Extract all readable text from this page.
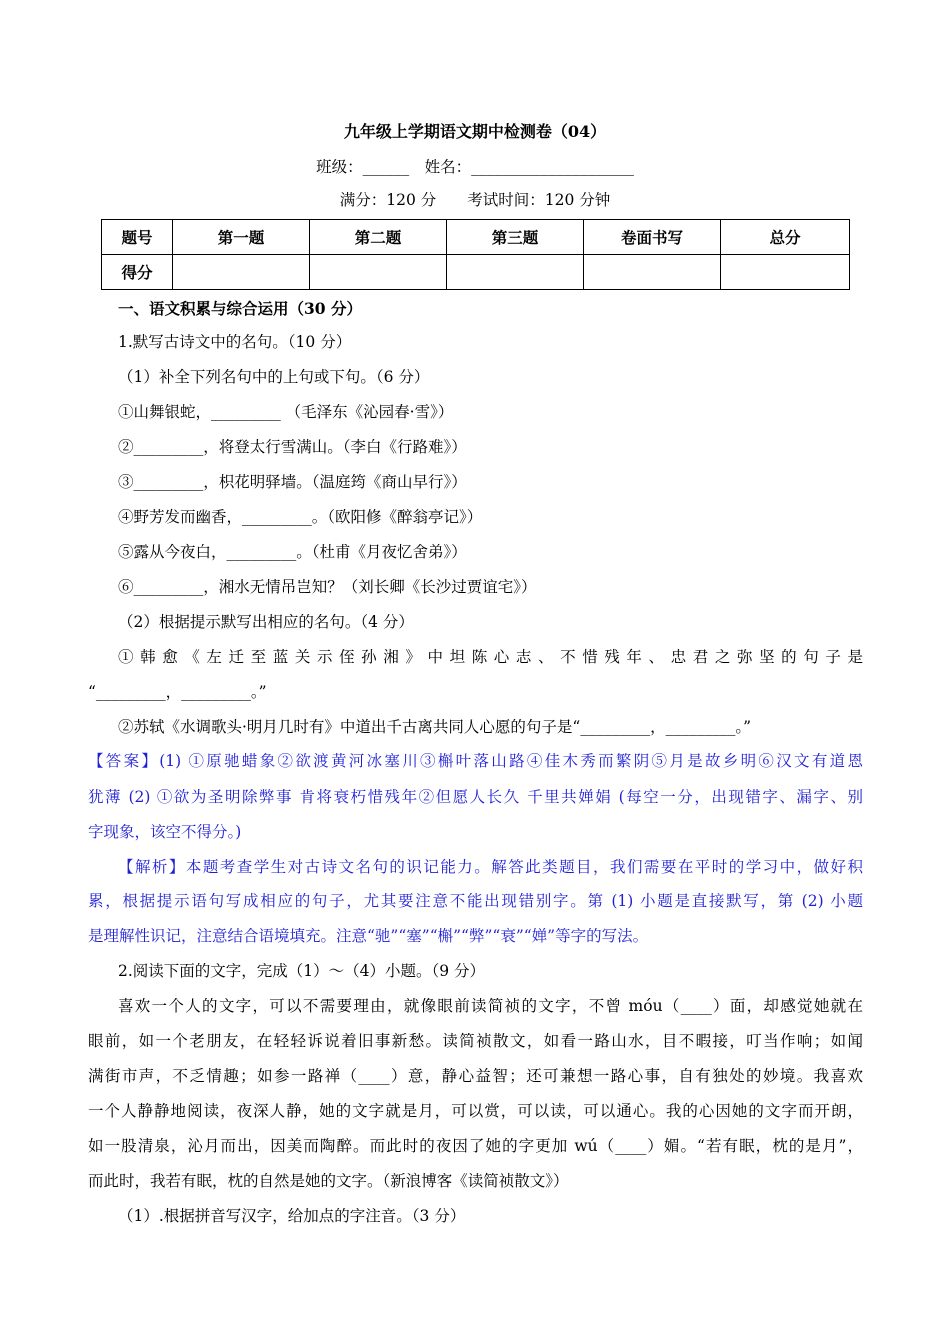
九年级上学期语文期中检测卷（04）
班级：______　姓名：_____________________
满分：120 分　　考试时间：120 分钟
题号	第一题	第二题	第三题	卷面书写	总分
得分					
一、语文积累与综合运用（30 分）
1.默写古诗文中的名句。（10 分）
（1）补全下列名句中的上句或下句。（6 分）
①山舞银蛇，_________ （毛泽东《沁园春·雪》）
②_________，将登太行雪满山。（李白《行路难》）
③_________，枳花明驿墙。（温庭筠《商山早行》）
④野芳发而幽香，_________。（欧阳修《醉翁亭记》）
⑤露从今夜白，_________。（杜甫《月夜忆舍弟》）
⑥_________，湘水无情吊岂知？（刘长卿《长沙过贾谊宅》）
（2）根据提示默写出相应的名句。（4 分）
①韩愈《左迁至蓝关示侄孙湘》中坦陈心志、不惜残年、忠君之弥坚的句子是
“_________，_________。”
②苏轼《水调歌头·明月几时有》中道出千古离共同人心愿的句子是“_________，_________。”
【答案】(1) ①原驰蜡象②欲渡黄河冰塞川③槲叶落山路④佳木秀而繁阴⑤月是故乡明⑥汉文有道恩
犹薄 (2) ①欲为圣明除弊事 肯将衰朽惜残年②但愿人长久 千里共婵娟 (每空一分，出现错字、漏字、别
字现象，该空不得分。)
【解析】本题考查学生对古诗文名句的识记能力。解答此类题目，我们需要在平时的学习中，做好积
累，根据提示语句写成相应的句子，尤其要注意不能出现错别字。第 (1) 小题是直接默写，第 (2) 小题
是理解性识记，注意结合语境填充。注意“驰”“塞”“槲”“弊”“衰”“婵”等字的写法。
2.阅读下面的文字，完成（1）～（4）小题。（9 分）
喜欢一个人的文字，可以不需要理由，就像眼前读简祯的文字，不曾 móu（____）面，却感觉她就在
眼前，如一个老朋友，在轻轻诉说着旧事新愁。读简祯散文，如看一路山水，目不暇接，叮当作响；如闻
满街市声，不乏情趣；如参一路禅（____）意，静心益智；还可兼想一路心事，自有独处的妙境。我喜欢
一个人静静地阅读，夜深人静，她的文字就是月，可以赏，可以读，可以通心。我的心因她的文字而开朗，
如一股清泉，沁月而出，因美而陶醉。而此时的夜因了她的字更加 wú（____）媚。“若有眠，枕的是月”，
而此时，我若有眠，枕的自然是她的文字。（新浪博客《读简祯散文》）
（1）.根据拼音写汉字，给加点的字注音。（3 分）
